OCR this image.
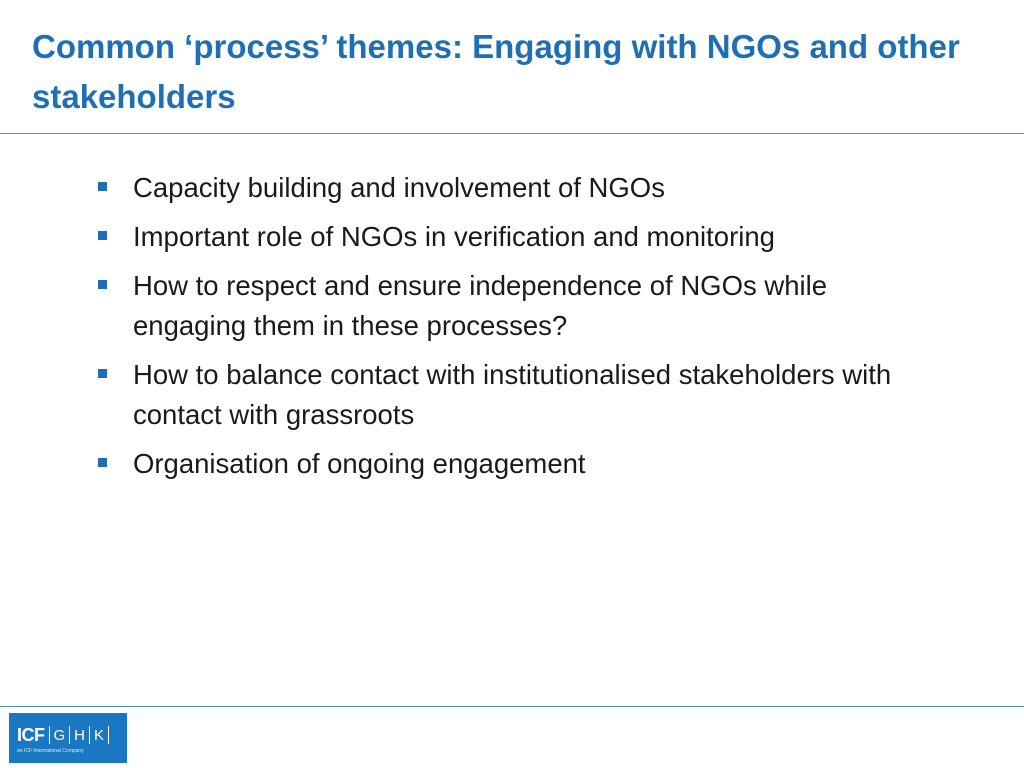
Common ‘process’ themes: Engaging with NGOs and other stakeholders
Capacity building and involvement of NGOs
Important role of NGOs in verification and monitoring
How to respect and ensure independence of NGOs while engaging them in these processes?
How to balance contact with institutionalised stakeholders with contact with grassroots
Organisation of ongoing engagement
ICF G H K
an ICF International Company
